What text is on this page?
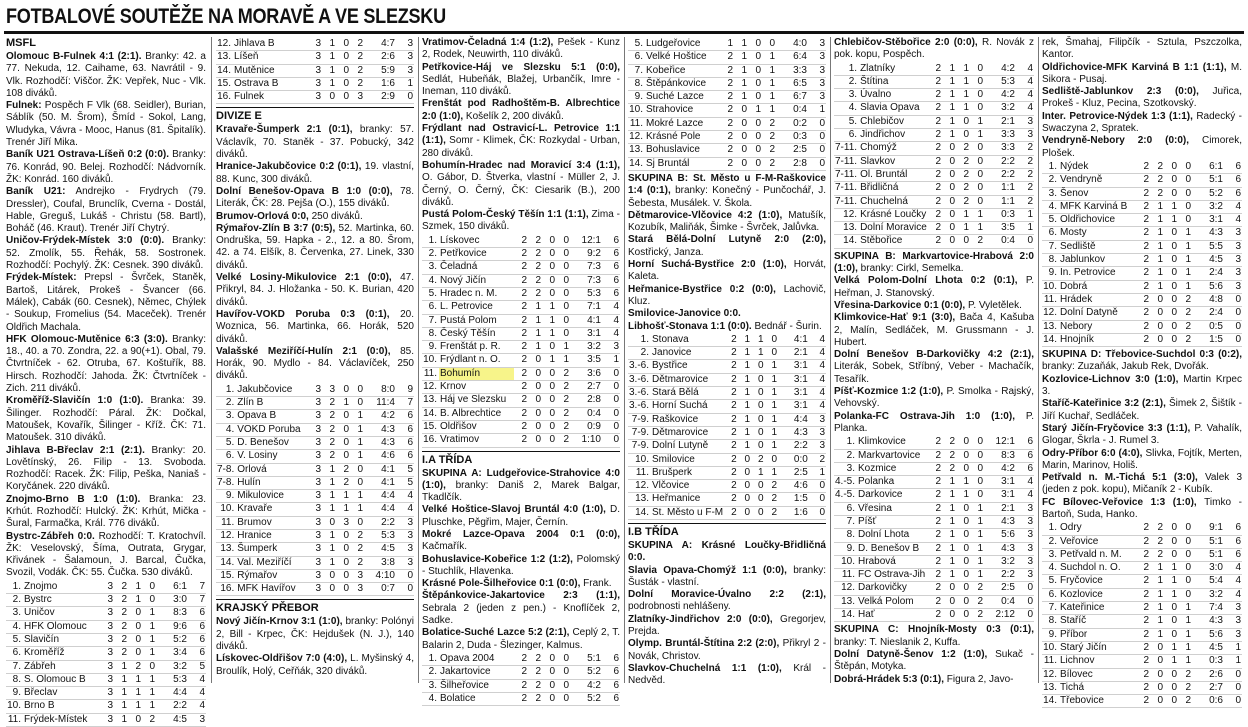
FOTBALOVÉ SOUTĚŽE NA MORAVĚ A VE SLEZSKU
MSFL

Olomouc B-Fulnek 4:1 (2:1). Branky: 42. a 77. Nekuda, 12. Caihame, 63. Navrátil - 9. Vlk. Rozhodčí: Viščor. ŽK: Vepřek, Nuc - Vlk. 108 diváků.

Fulnek: Pospěch F Vlk (68. Seidler), Burian, Sáblík (50. M. Šrom), Šmíd - Sokol, Lang, Wludyka, Vávra - Mooc, Hanus (81. Špitalík). Trenér Jiří Mika.

Baník U21 Ostrava-Líšeň 0:2 (0:0). Branky: 76. Konrád, 90. Belej. Rozhodčí: Nádvorník. ŽK: Konrád. 160 diváků.

Baník U21: Andrejko - Frydrych (79. Dressler), Coufal, Brunclík, Cverna - Dostál, Hable, Greguš, Lukáš - Christu (58. Bartl), Boháč (46. Kraut). Trenér Jiří Chytrý.

Uničov-Frýdek-Místek 3:0 (0:0). Branky: 52. Zmolík, 55. Řehák, 58. Sostronek. Rozhodčí: Pochylý. ŽK: Cesnek. 390 diváků.

Frýdek-Místek: Prepsl - Švrček, Staněk, Bartoš, Litárek, Prokeš - Švancer (66. Málek), Cabák (60. Cesnek), Němec, Chýlek - Soukup, Fromelius (54. Maceček). Trenér Oldřich Machala.

HFK Olomouc-Mutěnice 6:3 (3:0). Branky: 18., 40. a 70. Zondra, 22. a 90(+1). Obal, 79. Čtvrtníček - 62. Otruba, 67. Koštuřík, 88. Hirsch. Rozhodčí: Jahoda. ŽK: Čtvrtníček - Zich. 211 diváků.

Kroměříž-Slavičín 1:0 (1:0). Branka: 39. Šilinger. Rozhodčí: Páral. ŽK: Dočkal, Matoušek, Kovařík, Šilinger - Kříž. ČK: 71. Matoušek. 310 diváků.

Jihlava B-Břeclav 2:1 (2:1). Branky: 20. Lovětínský, 26. Filip - 13. Svoboda. Rozhodčí: Racek. ŽK: Filip, Peška, Naniaš - Koryčánek. 220 diváků.

Znojmo-Brno B 1:0 (1:0). Branka: 23. Krhút. Rozhodčí: Hulcký. ŽK: Krhút, Mička - Šural, Farmačka, Král. 776 diváků.

Bystrc-Zábřeh 0:0. Rozhodčí: T. Kratochvíl. ŽK: Veselovský, Šíma, Outrata, Grygar, Křivánek - Šalamoun, J. Barcal, Čučka, Svozil, Vodák. ČK: 55. Čučka. 530 diváků.

1.	Znojmo	3	2	1	0	6:1	7
2.	Bystrc	3	2	1	0	3:0	7
3.	Uničov	3	2	0	1	8:3	6
4.	HFK Olomouc	3	2	0	1	9:6	6
5.	Slavičín	3	2	0	1	5:2	6
6.	Kroměříž	3	2	0	1	3:4	6
7.	Zábřeh	3	1	2	0	3:2	5
8.	S. Olomouc B	3	1	1	1	5:3	4
9.	Břeclav	3	1	1	1	4:4	4
10.	Brno B	3	1	1	1	2:2	4
11.	Frýdek-Místek	3	1	0	2	4:5	3
12.	Jihlava B	3	1	0	2	4:7	3
13.	Líšeň	3	1	0	2	2:6	3
14.	Mutěnice	3	1	0	2	5:9	3
15.	Ostrava B	3	1	0	2	1:6	1
16.	Fulnek	3	0	0	3	2:9	0
DIVIZE E

Kravaře-Šumperk 2:1 (0:1), branky: 57. Václavík, 70. Staněk - 37. Pobucký, 342 diváků.

Hranice-Jakubčovice 0:2 (0:1), 19. vlastní, 88. Kunc, 300 diváků.

Dolní Benešov-Opava B 1:0 (0:0), 78. Literák, ČK: 28. Pejša (O.), 155 diváků.

Brumov-Orlová 0:0, 250 diváků.

Rýmařov-Zlín B 3:7 (0:5), 52. Martinka, 60. Ondruška, 59. Hapka - 2., 12. a 80. Šrom, 42. a 74. Elšík, 8. Červenka, 27. Linek, 330 diváků.

Velké Losiny-Mikulovice 2:1 (0:0), 47. Přikryl, 84. J. Hložanka - 50. K. Burian, 420 diváků.

Havířov-VOKD Poruba 0:3 (0:1), 20. Woznica, 56. Martinka, 66. Horák, 520 diváků.

Valašské Meziříčí-Hulín 2:1 (0:0), 85. Horák, 90. Mydlo - 84. Václavíček, 250 diváků.

1.	Jakubčovice	3	3	0	0	8:0	9
2.	Zlín B	3	2	1	0	11:4	7
3.	Opava B	3	2	0	1	4:2	6
4.	VOKD Poruba	3	2	0	1	4:3	6
5.	D. Benešov	3	2	0	1	4:3	6
6.	V. Losiny	3	2	0	1	4:6	6
7-8.	Orlová	3	1	2	0	4:1	5
7-8.	Hulín	3	1	2	0	4:1	5
9.	Mikulovice	3	1	1	1	4:4	4
10.	Kravaře	3	1	1	1	4:4	4
11.	Brumov	3	0	3	0	2:2	3
12.	Hranice	3	1	0	2	5:3	3
13.	Šumperk	3	1	0	2	4:5	3
14.	Val. Meziříčí	3	1	0	2	3:8	3
15.	Rýmařov	3	0	0	3	4:10	0
16.	MFK Havířov	3	0	0	3	0:7	0
KRAJSKÝ PŘEBOR

Nový Jičín-Krnov 3:1 (1:0), branky: Polónyi 2, Bill - Krpec, ČK: Hejdušek (N. J.), 140 diváků.

Lískovec-Oldřišov 7:0 (4:0), L. Myšinský 4, Broulík, Holý, Ceřňák, 320 diváků.

Vratimov-Čeladná 1:4 (1:2), Pešek - Kunz 2, Rodek, Neuwirth, 110 diváků.

Petřkovice-Háj ve Slezsku 5:1 (0:0), Sedlát, Hubeňák, Blažej, Urbančík, Imre - Ineman, 110 diváků.

Frenštát pod Radhoštěm-B. Albrechtice 2:0 (1:0), Košelík 2, 200 diváků.

Frýdlant nad Ostravicí-L. Petrovice 1:1 (1:1), Somr - Klimek, ČK: Rozkydal - Urban, 280 diváků.

Bohumín-Hradec nad Moravicí 3:4 (1:1), O. Gábor, D. Štverka, vlastní - Müller 2, J. Černý, O. Černý, ČK: Ciesarik (B.), 200 diváků.

Pustá Polom-Český Těšín 1:1 (1:1), Zima - Szmek, 150 diváků.

1.	Lískovec	2	2	0	0	12:1	6
2.	Petřkovice	2	2	0	0	9:2	6
3.	Čeladná	2	2	0	0	7:3	6
4.	Nový Jičín	2	2	0	0	7:3	6
5.	Hradec n. M.	2	2	0	0	5:3	6
6.	L. Petrovice	2	1	1	0	7:1	4
7.	Pustá Polom	2	1	1	0	4:1	4
8.	Český Těšín	2	1	1	0	3:1	4
9.	Frenštát p. R.	2	1	0	1	3:2	3
10.	Frýdlant n. O.	2	0	1	1	3:5	1
11.	Bohumín	2	0	0	2	3:6	0
12.	Krnov	2	0	0	2	2:7	0
13.	Háj ve Slezsku	2	0	0	2	2:8	0
14.	B. Albrechtice	2	0	0	2	0:4	0
15.	Oldřišov	2	0	0	2	0:9	0
16.	Vratimov	2	0	0	2	1:10	0
I.A TŘÍDA

SKUPINA A: Ludgeřovice-Strahovice 4:0 (1:0), branky: Daniš 2, Marek Balgar, Tkadlčík.

Velké Hoštice-Slavoj Bruntál 4:0 (1:0), D. Pluschke, Pěgřim, Majer, Černín.

Mokré Lazce-Opava 2004 0:1 (0:0), Kačmařík.

Bohuslavice-Kobeřice 1:2 (1:2), Polomský - Stuchlík, Hlavenka.

Krásné Pole-Šilheřovice 0:1 (0:0), Frank.

Štěpánkovice-Jakartovice 2:3 (1:1), Sebrala 2 (jeden z pen.) - Knoflíček 2, Sadke.

Bolatice-Suché Lazce 5:2 (2:1), Ceplý 2, T. Balarin 2, Duda - Šlezinger, Kalmus.

1.	Opava 2004	2	2	0	0	5:1	6
2.	Jakartovice	2	2	0	0	5:2	6
3.	Šilheřovice	2	2	0	0	4:2	6
4.	Bolatice	2	2	0	0	5:2	6
5.	Ludgeřovice	1	1	0	0	4:0	3
6.	Velké Hoštice	2	1	0	1	6:4	3
7.	Kobeřice	2	1	0	1	3:3	3
8.	Štěpánkovice	2	1	0	1	6:5	3
9.	Suché Lazce	2	1	0	1	6:7	3
10.	Strahovice	2	0	1	1	0:4	1
11.	Mokré Lazce	2	0	0	2	0:2	0
12.	Krásné Pole	2	0	0	2	0:3	0
13.	Bohuslavice	2	0	0	2	2:5	0
14.	Sj Bruntál	2	0	0	2	2:8	0

SKUPINA B: St. Město u F-M-Raškovice 1:4 (0:1), branky: Konečný - Punčochář, J. Šebesta, Musálek. V. Škola.

Dětmarovice-Vlčovice 4:2 (1:0), Matušík, Kozubík, Maliňák, Šimke - Švrček, Jalůvka.

Stará Bělá-Dolní Lutyně 2:0 (2:0), Kostřický, Janza.

Horní Suchá-Bystřice 2:0 (1:0), Horvát, Kaleta.

Heřmanice-Bystřice 0:2 (0:0), Lachovič, Kluz.

Smilovice-Janovice 0:0.

Libhošť-Stonava 1:1 (0:0). Bednář - Šurin.

1.	Stonava	2	1	1	0	4:1	4
2.	Janovice	2	1	1	0	2:1	4
3.-6.	Bystřice	2	1	0	1	3:1	4
3.-6.	Dětmarovice	2	1	0	1	3:1	4
3.-6.	Stará Bělá	2	1	0	1	3:1	4
3.-6.	Horní Suchá	2	1	0	1	3:1	4
7-9.	Raškovice	2	1	0	1	4:4	3
7-9.	Dětmarovice	2	1	0	1	4:3	3
7-9.	Dolní Lutyně	2	1	0	1	2:2	3
10.	Smilovice	2	0	2	0	0:0	2
11.	Brušperk	2	0	1	1	2:5	1
12.	Vlčovice	2	0	0	2	4:6	0
13.	Heřmanice	2	0	0	2	1:5	0
14.	St. Město u F-M	2	0	0	2	1:6	0
I.B TŘÍDA

SKUPINA A: Krásné Loučky-Břidličná 0:0.

Slavia Opava-Chomýž 1:1 (0:0), branky: Šusták - vlastní.

Dolní Moravice-Úvalno 2:2 (2:1), podrobnosti nehlášeny.

Zlatníky-Jindřichov 2:0 (0:0), Gregorjev, Prejda.

Olymp. Bruntál-Štítina 2:2 (2:0), Přikryl 2 - Novák, Christov.

Slavkov-Chuchelná 1:1 (1:0), Král - Nedvěd.

Chlebičov-Stěbořice 2:0 (0:0), R. Novák z pok. kopu, Pospěch.

1.	Zlatníky	2	1	1	0	4:2	4
2.	Štítina	2	1	1	0	5:3	4
3.	Úvalno	2	1	1	0	4:2	4
4.	Slavia Opava	2	1	1	0	3:2	4
5.	Chlebičov	2	1	0	1	2:1	3
6.	Jindřichov	2	1	0	1	3:3	3
7-11.	Chomýž	2	0	2	0	3:3	2
7-11.	Slavkov	2	0	2	0	2:2	2
7-11.	Ol. Bruntál	2	0	2	0	2:2	2
7-11.	Břidličná	2	0	2	0	1:1	2
7-11.	Chuchelná	2	0	2	0	1:1	2
12.	Krásné Loučky	2	0	1	1	0:3	1
13.	Dolní Moravice	2	0	1	1	3:5	1
14.	Stěbořice	2	0	0	2	0:4	0

SKUPINA B: Markvartovice-Hrabová 2:0 (1:0), branky: Cirkl, Semelka.

Velká Polom-Dolní Lhota 0:2 (0:1), P. Heřman, J. Stanovský.

Vřesina-Darkovice 0:1 (0:0), P. Vyletělek.

Klimkovice-Hať 9:1 (3:0), Bača 4, Kašuba 2, Malín, Sedláček, M. Grussmann - J. Hubert.

Dolní Benešov B-Darkovičky 4:2 (2:1), Literák, Sobek, Stříbný, Veber - Machačík, Tesařík.

Píšť-Kozmice 1:2 (1:0), P. Smolka - Rajský, Vehovský.

Polanka-FC Ostrava-Jih 1:0 (1:0), P. Planka.

1.	Klimkovice	2	2	0	0	12:1	6
2.	Markvartovice	2	2	0	0	8:3	6
3.	Kozmice	2	2	0	0	4:2	6
4.-5.	Polanka	2	1	1	0	3:1	4
4.-5.	Darkovice	2	1	1	0	3:1	4
6.	Vřesina	2	1	0	1	2:1	3
7.	Píšť	2	1	0	1	4:3	3
8.	Dolní Lhota	2	1	0	1	5:6	3
9.	D. Benešov B	2	1	0	1	4:3	3
10.	Hrabová	2	1	0	1	3:2	3
11.	FC Ostrava-Jih	2	1	0	1	2:2	3
12.	Darkovičky	2	0	0	2	2:5	0
13.	Velká Polom	2	0	0	2	0:4	0
14.	Hať	2	0	0	2	2:12	0

SKUPINA C: Hnojník-Mosty 0:3 (0:1), branky: T. Nieslanik 2, Kuffa.

Dolní Datyně-Šenov 1:2 (1:0), Sukač - Štěpán, Motyka.

Dobrá-Hrádek 5:3 (0:1), Figura 2, Javo-

rek, Šmahaj, Filipčík - Sztula, Pszczolka, Kantor.

Oldřichovice-MFK Karviná B 1:1 (1:1), M. Sikora - Pusaj.

Sedliště-Jablunkov 2:3 (0:0), Juřica, Prokeš - Kluz, Pecina, Szotkovský.

Inter. Petrovice-Nýdek 1:3 (1:1), Radecký - Swaczyna 2, Spratek.

Vendryně-Nebory 2:0 (0:0), Cimorek, Plošek.

1.	Nýdek	2	2	0	0	6:1	6
2.	Vendryně	2	2	0	0	5:1	6
3.	Šenov	2	2	0	0	5:2	6
4.	MFK Karviná B	2	1	1	0	3:2	4
5.	Oldřichovice	2	1	1	0	3:1	4
6.	Mosty	2	1	0	1	4:3	3
7.	Sedliště	2	1	0	1	5:5	3
8.	Jablunkov	2	1	0	1	4:5	3
9.	In. Petrovice	2	1	0	1	2:4	3
10.	Dobrá	2	1	0	1	5:6	3
11.	Hrádek	2	0	0	2	4:8	0
12.	Dolní Datyně	2	0	0	2	2:4	0
13.	Nebory	2	0	0	2	0:5	0
14.	Hnojník	2	0	0	2	1:5	0

SKUPINA D: Třebovice-Suchdol 0:3 (0:2), branky: Zuzaňák, Jakub Rek, Dvořák.

Kozlovice-Lichnov 3:0 (1:0), Martin Krpec 3.

Staříč-Kateřinice 3:2 (2:1), Šimek 2, Šištík - Jiří Kuchař, Sedláček.

Starý Jičín-Fryčovice 3:3 (1:1), P. Vahalík, Glogar, Škrla - J. Rumel 3.

Odry-Příbor 6:0 (4:0), Slivka, Fojtík, Merten, Marin, Marinov, Holiš.

Petřvald n. M.-Tichá 5:1 (3:0), Valek 3 (jeden z pok. kopu), Mičaník 2 - Kubík.

FC Bílovec-Veřovice 1:3 (1:0), Timko - Bartoň, Suda, Hanko.

1.	Odry	2	2	0	0	9:1	6
2.	Veřovice	2	2	0	0	5:1	6
3.	Petřvald n. M.	2	2	0	0	5:1	6
4.	Suchdol n. O.	2	1	1	0	3:0	4
5.	Fryčovice	2	1	1	0	5:4	4
6.	Kozlovice	2	1	1	0	3:2	4
7.	Kateřinice	2	1	0	1	7:4	3
8.	Staříč	2	1	0	1	4:3	3
9.	Příbor	2	1	0	1	5:6	3
10.	Starý Jičín	2	0	1	1	4:5	1
11.	Lichnov	2	0	1	1	0:3	1
12.	Bílovec	2	0	0	2	2:6	0
13.	Tichá	2	0	0	2	2:7	0
14.	Třebovice	2	0	0	2	0:6	0
